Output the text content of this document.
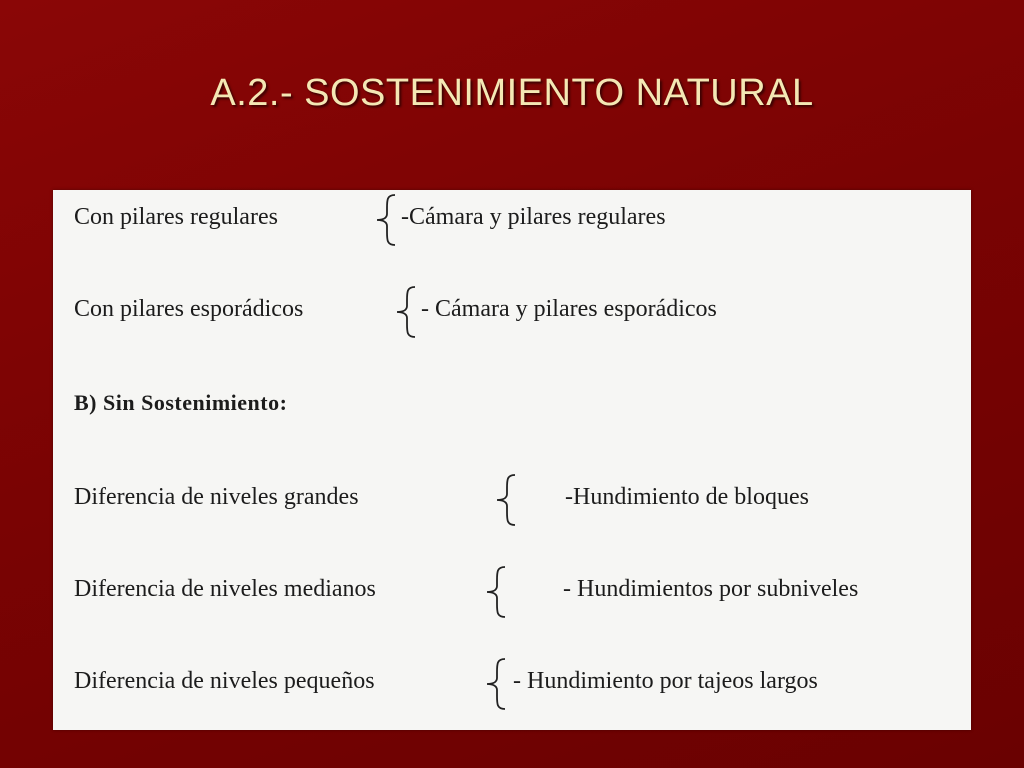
A.2.- SOSTENIMIENTO NATURAL
Con pilares regulares	-Cámara y pilares regulares
Con pilares esporádicos	- Cámara y pilares esporádicos
B) Sin Sostenimiento:
Diferencia de niveles grandes	-Hundimiento de bloques
Diferencia de niveles medianos	- Hundimientos por subniveles
Diferencia de niveles pequeños	- Hundimiento por tajeos largos
